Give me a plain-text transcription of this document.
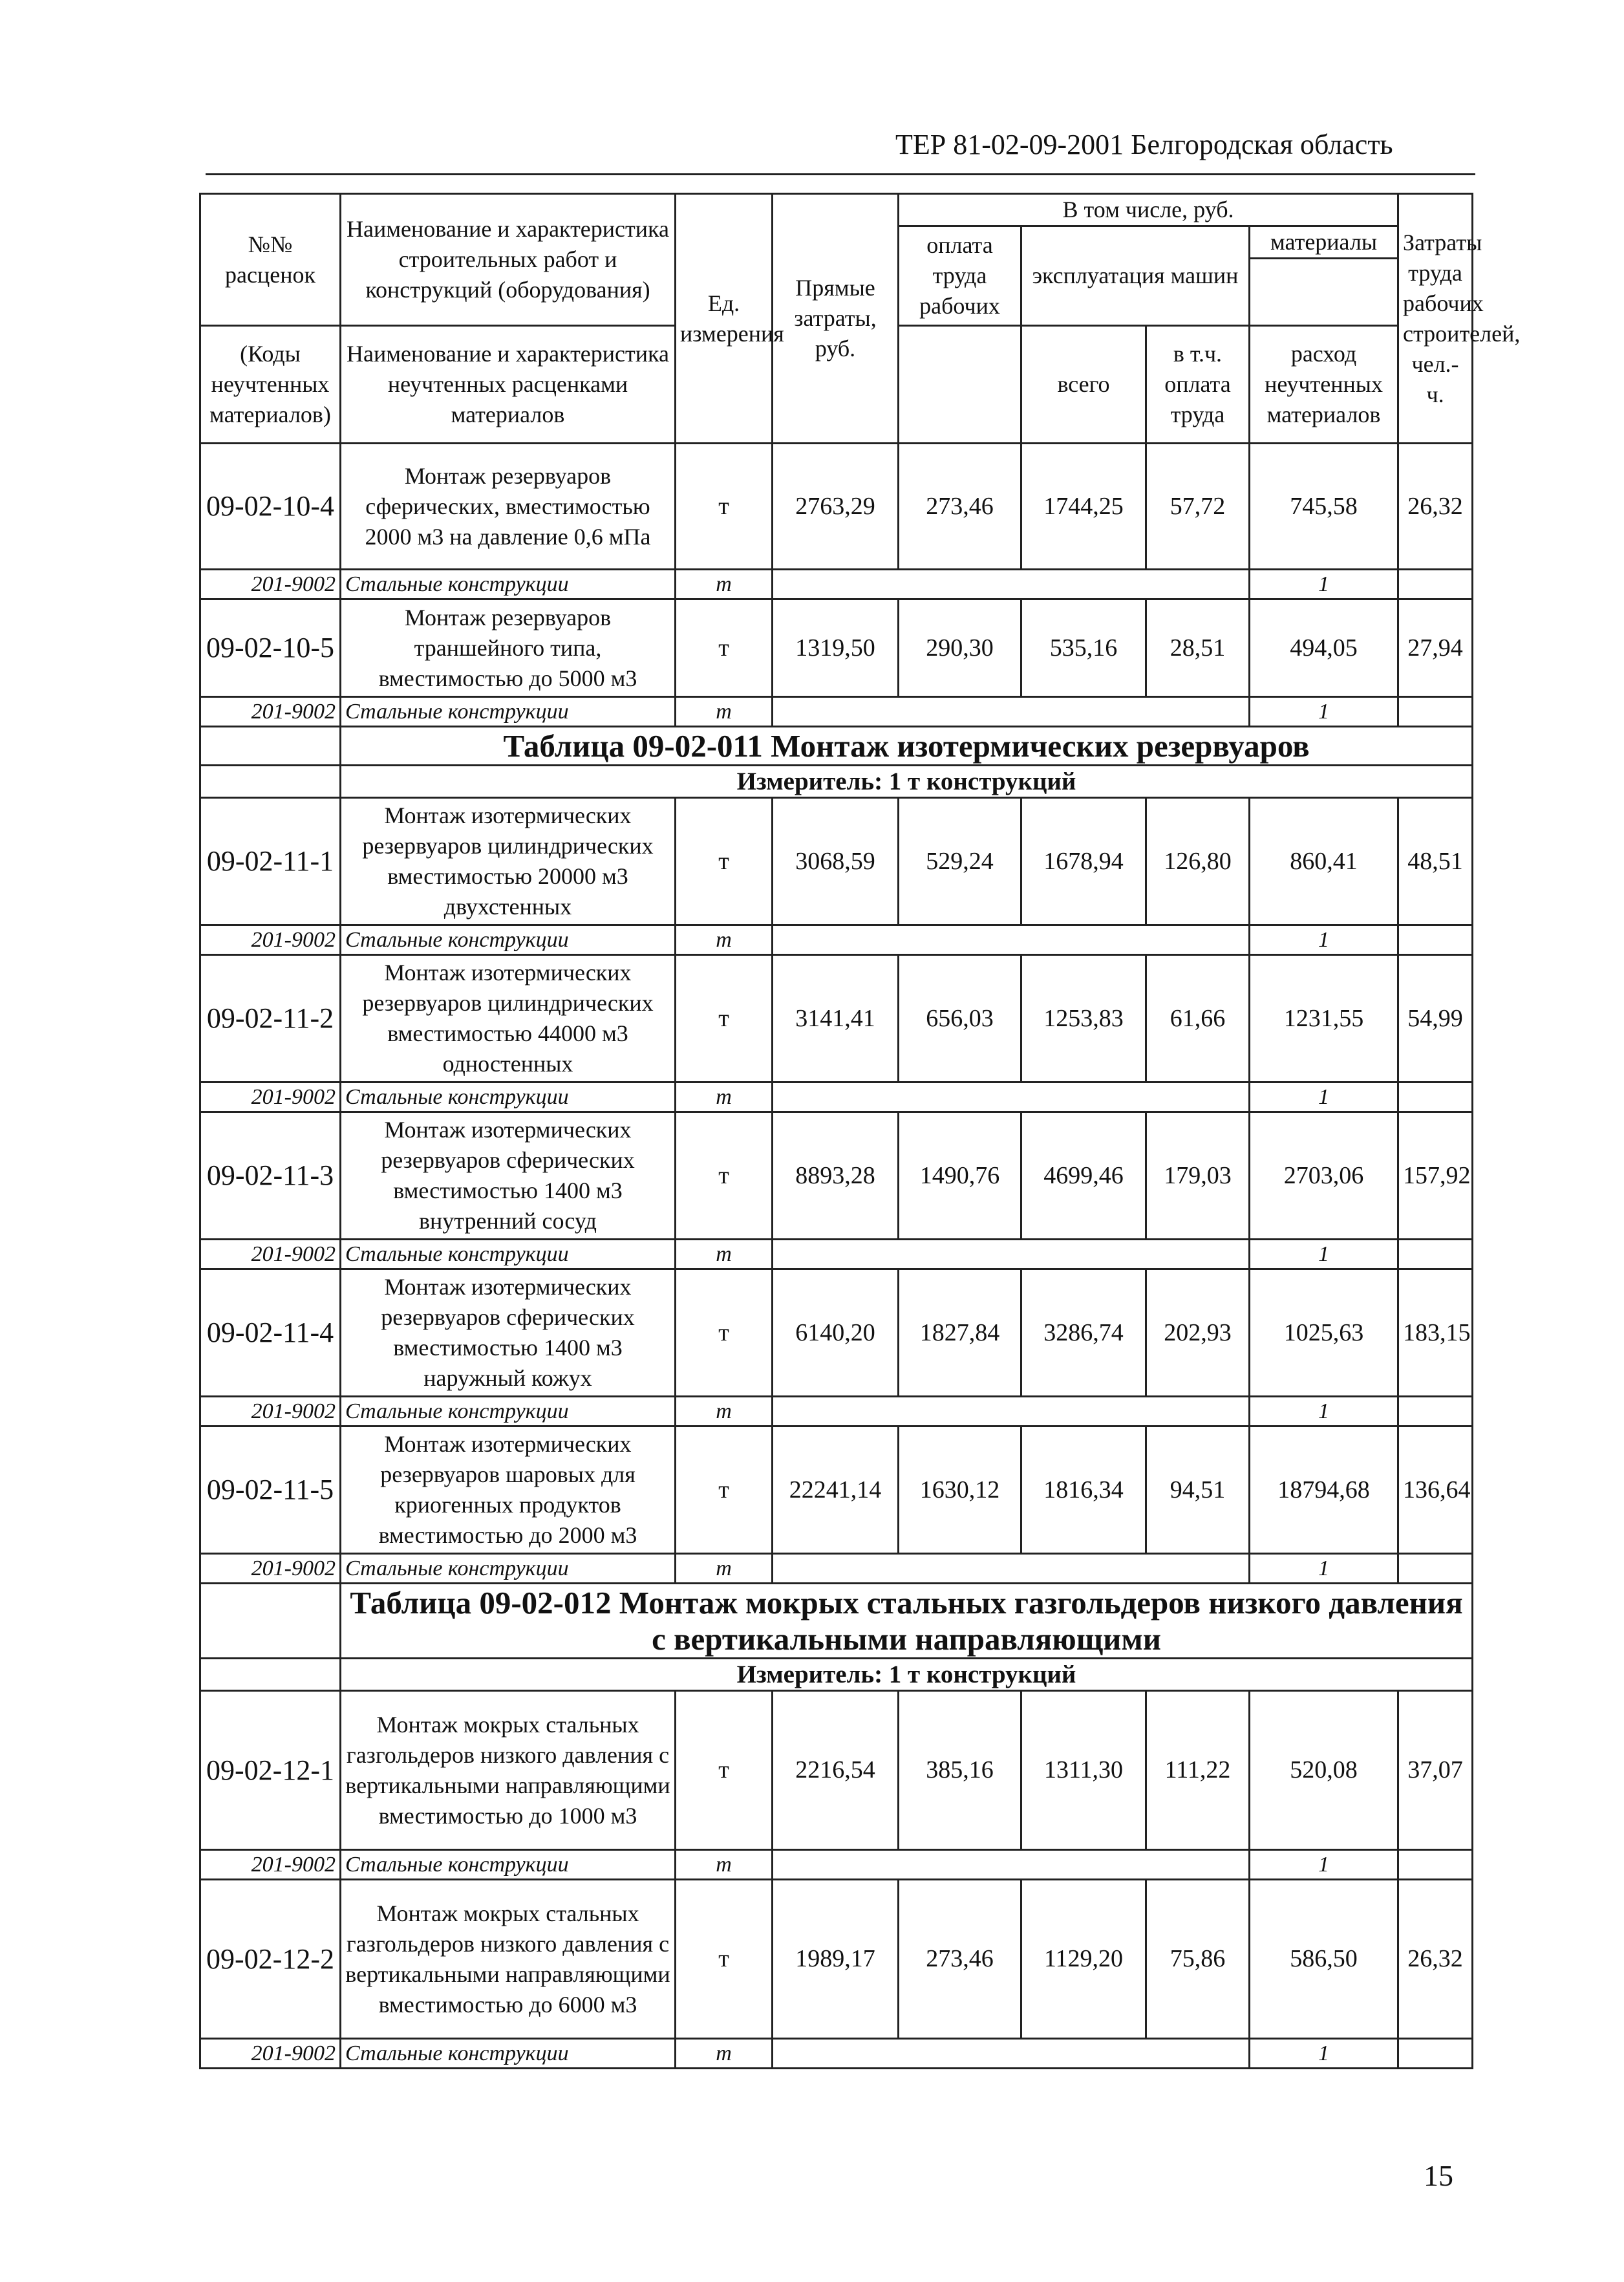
ТЕР 81-02-09-2001 Белгородская область
№№ расценок	Наименование и характеристика строительных работ и конструкций (оборудования)	Ед. измерения	Прямые затраты, руб.	В том числе, руб.				Затраты труда рабочих строителей, чел.-ч.
				оплата труда рабочих	эксплуатация машин		материалы	

(Коды неучтенных материалов)	Наименование и характеристика неучтенных расценками материалов				всего	в т.ч. оплата труда	расход неучтенных материалов	

09-02-10-4	Монтаж резервуаров сферических, вместимостью 2000 м3 на давление 0,6 мПа	т	2763,29	273,46	1744,25	57,72	745,58	26,32
201-9002	Стальные конструкции	т					1	
09-02-10-5	Монтаж резервуаров траншейного типа, вместимостью до 5000 м3	т	1319,50	290,30	535,16	28,51	494,05	27,94
201-9002	Стальные конструкции	т					1	
	Таблица 09-02-011 Монтаж изотермических резервуаров							
	Измеритель: 1 т конструкций							
09-02-11-1	Монтаж изотермических резервуаров цилиндрических вместимостью 20000 м3 двухстенных	т	3068,59	529,24	1678,94	126,80	860,41	48,51
201-9002	Стальные конструкции	т					1	
09-02-11-2	Монтаж изотермических резервуаров цилиндрических вместимостью 44000 м3 одностенных	т	3141,41	656,03	1253,83	61,66	1231,55	54,99
201-9002	Стальные конструкции	т					1	
09-02-11-3	Монтаж изотермических резервуаров сферических вместимостью 1400 м3 внутренний сосуд	т	8893,28	1490,76	4699,46	179,03	2703,06	157,92
201-9002	Стальные конструкции	т					1	
09-02-11-4	Монтаж изотермических резервуаров сферических вместимостью 1400 м3 наружный кожух	т	6140,20	1827,84	3286,74	202,93	1025,63	183,15
201-9002	Стальные конструкции	т					1	
09-02-11-5	Монтаж изотермических резервуаров шаровых для криогенных продуктов вместимостью до 2000 м3	т	22241,14	1630,12	1816,34	94,51	18794,68	136,64
201-9002	Стальные конструкции	т					1	
	Таблица 09-02-012 Монтаж мокрых стальных газгольдеров низкого давления с вертикальными направляющими							
	Измеритель: 1 т конструкций							
09-02-12-1	Монтаж мокрых стальных газгольдеров низкого давления с вертикальными направляющими вместимостью до 1000 м3	т	2216,54	385,16	1311,30	111,22	520,08	37,07
201-9002	Стальные конструкции	т					1	
09-02-12-2	Монтаж мокрых стальных газгольдеров низкого давления с вертикальными направляющими вместимостью до 6000 м3	т	1989,17	273,46	1129,20	75,86	586,50	26,32
201-9002	Стальные конструкции	т					1	
15
